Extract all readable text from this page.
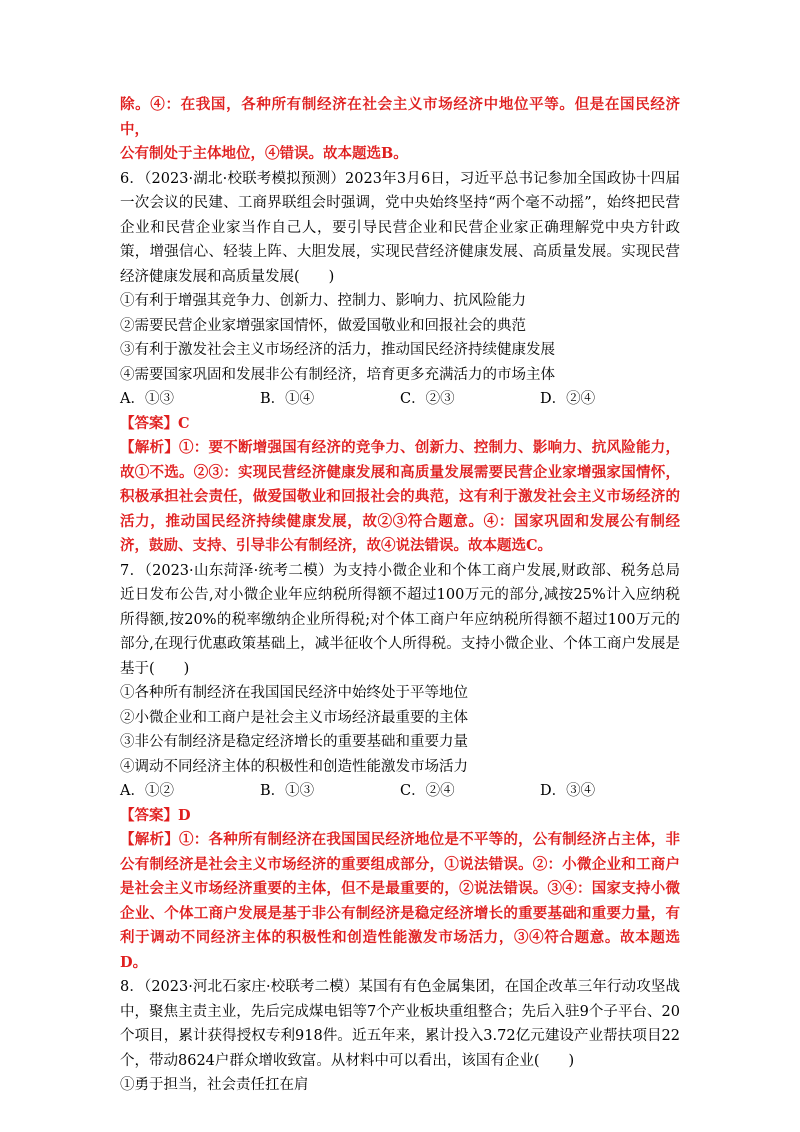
除。④：在我国，各种所有制经济在社会主义市场经济中地位平等。但是在国民经济中，

公有制处于主体地位，④错误。故本题选B。

6．（2023·湖北·校联考模拟预测）2023年3月6日，习近平总书记参加全国政协十四届一次会议的民建、工商界联组会时强调，党中央始终坚持“两个毫不动摇”，始终把民营企业和民营企业家当作自己人，要引导民营企业和民营企业家正确理解党中央方针政策，增强信心、轻装上阵、大胆发展，实现民营经济健康发展、高质量发展。实现民营经济健康发展和高质量发展(　　)

①有利于增强其竞争力、创新力、控制力、影响力、抗风险能力

②需要民营企业家增强家国情怀，做爱国敬业和回报社会的典范

③有利于激发社会主义市场经济的活力，推动国民经济持续健康发展

④需要国家巩固和发展非公有制经济，培育更多充满活力的市场主体

A．①③	B．①④	C．②③	D．②④

【答案】C

【解析】①：要不断增强国有经济的竞争力、创新力、控制力、影响力、抗风险能力，故①不选。②③：实现民营经济健康发展和高质量发展需要民营企业家增强家国情怀，积极承担社会责任，做爱国敬业和回报社会的典范，这有利于激发社会主义市场经济的活力，推动国民经济持续健康发展，故②③符合题意。④：国家巩固和发展公有制经济，鼓励、支持、引导非公有制经济，故④说法错误。故本题选C。

7．（2023·山东菏泽·统考二模）为支持小微企业和个体工商户发展,财政部、税务总局近日发布公告,对小微企业年应纳税所得额不超过100万元的部分,减按25%计入应纳税所得额,按20%的税率缴纳企业所得税;对个体工商户年应纳税所得额不超过100万元的部分,在现行优惠政策基础上，减半征收个人所得税。支持小微企业、个体工商户发展是基于(　　)

①各种所有制经济在我国国民经济中始终处于平等地位

②小微企业和工商户是社会主义市场经济最重要的主体

③非公有制经济是稳定经济增长的重要基础和重要力量

④调动不同经济主体的积极性和创造性能激发市场活力

A．①②	B．①③	C．②④	D．③④

【答案】D

【解析】①：各种所有制经济在我国国民经济地位是不平等的，公有制经济占主体，非公有制经济是社会主义市场经济的重要组成部分，①说法错误。②：小微企业和工商户是社会主义市场经济重要的主体，但不是最重要的，②说法错误。③④：国家支持小微企业、个体工商户发展是基于非公有制经济是稳定经济增长的重要基础和重要力量，有利于调动不同经济主体的积极性和创造性能激发市场活力，③④符合题意。故本题选D。

8．（2023·河北石家庄·校联考二模）某国有有色金属集团，在国企改革三年行动攻坚战中，聚焦主责主业，先后完成煤电铝等7个产业板块重组整合；先后入驻9个子平台、20个项目，累计获得授权专利918件。近五年来，累计投入3.72亿元建设产业帮扶项目22个，带动8624户群众增收致富。从材料中可以看出，该国有企业(　　)

①勇于担当，社会责任扛在肩
